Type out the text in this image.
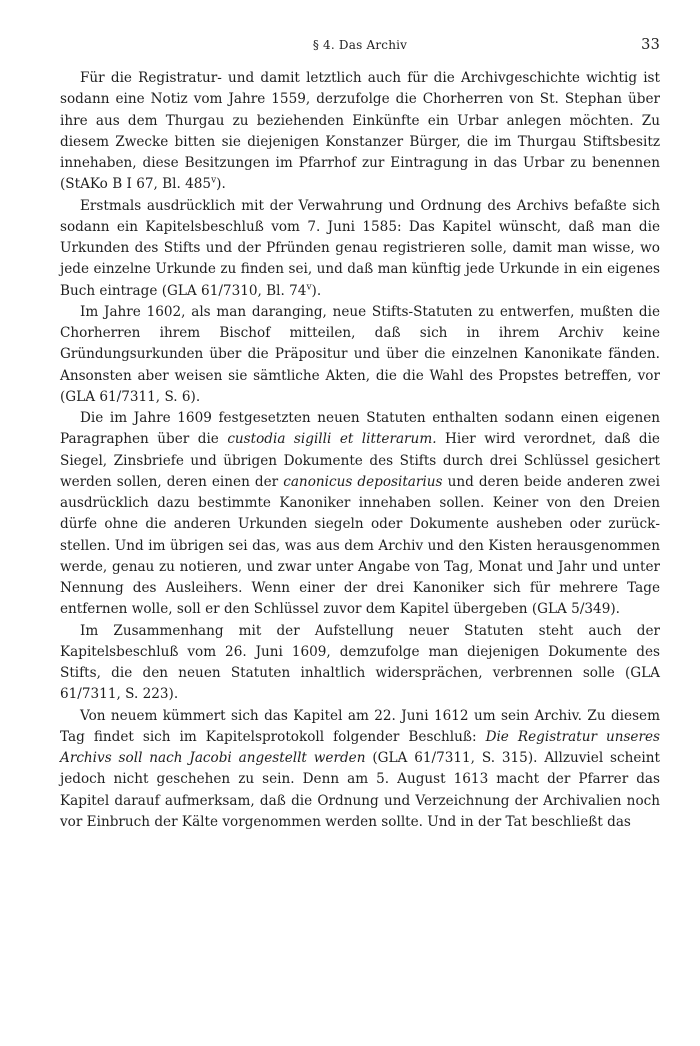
§ 4. Das Archiv	33

Für die Registratur- und damit letztlich auch für die Archivgeschichte wichtig ist sodann eine Notiz vom Jahre 1559, derzufolge die Chorherren von St. Stephan über ihre aus dem Thurgau zu beziehenden Einkünfte ein Urbar anlegen möchten. Zu diesem Zwecke bitten sie diejenigen Konstanzer Bürger, die im Thurgau Stiftsbesitz innehaben, diese Besitzungen im Pfarrhof zur Eintragung in das Urbar zu benennen (StAKo B I 67, Bl. 485$^v$).

Erstmals ausdrücklich mit der Verwahrung und Ordnung des Archivs befaßte sich sodann ein Kapitelsbeschluß vom 7. Juni 1585: Das Kapitel wünscht, daß man die Urkunden des Stifts und der Pfründen genau registrieren solle, damit man wisse, wo jede einzelne Urkunde zu finden sei, und daß man künftig jede Urkunde in ein eigenes Buch eintrage (GLA 61/7310, Bl. 74$^v$).

Im Jahre 1602, als man daranging, neue Stifts-Statuten zu entwerfen, mußten die Chorherren ihrem Bischof mitteilen, daß sich in ihrem Archiv keine Gründungsurkunden über die Präpositur und über die einzelnen Kanonikate fänden. Ansonsten aber weisen sie sämtliche Akten, die die Wahl des Propstes betreffen, vor (GLA 61/7311, S. 6).

Die im Jahre 1609 festgesetzten neuen Statuten enthalten sodann einen eigenen Paragraphen über die custodia sigilli et litterarum. Hier wird verordnet, daß die Siegel, Zinsbriefe und übrigen Dokumente des Stifts durch drei Schlüssel gesichert werden sollen, deren einen der canonicus depositarius und deren beide anderen zwei ausdrücklich dazu bestimmte Kanoniker innehaben sollen. Keiner von den Dreien dürfe ohne die anderen Urkunden siegeln oder Dokumente ausheben oder zurückstellen. Und im übrigen sei das, was aus dem Archiv und den Kisten herausgenommen werde, genau zu notieren, und zwar unter Angabe von Tag, Monat und Jahr und unter Nennung des Ausleihers. Wenn einer der drei Kanoniker sich für mehrere Tage entfernen wolle, soll er den Schlüssel zuvor dem Kapitel übergeben (GLA 5/349).

Im Zusammenhang mit der Aufstellung neuer Statuten steht auch der Kapitelsbeschluß vom 26. Juni 1609, demzufolge man diejenigen Dokumente des Stifts, die den neuen Statuten inhaltlich widersprächen, verbrennen solle (GLA 61/7311, S. 223).

Von neuem kümmert sich das Kapitel am 22. Juni 1612 um sein Archiv. Zu diesem Tag findet sich im Kapitelsprotokoll folgender Beschluß: Die Registratur unseres Archivs soll nach Jacobi angestellt werden (GLA 61/7311, S. 315). Allzuviel scheint jedoch nicht geschehen zu sein. Denn am 5. August 1613 macht der Pfarrer das Kapitel darauf aufmerksam, daß die Ordnung und Verzeichnung der Archivalien noch vor Einbruch der Kälte vorgenommen werden sollte. Und in der Tat beschließt das
